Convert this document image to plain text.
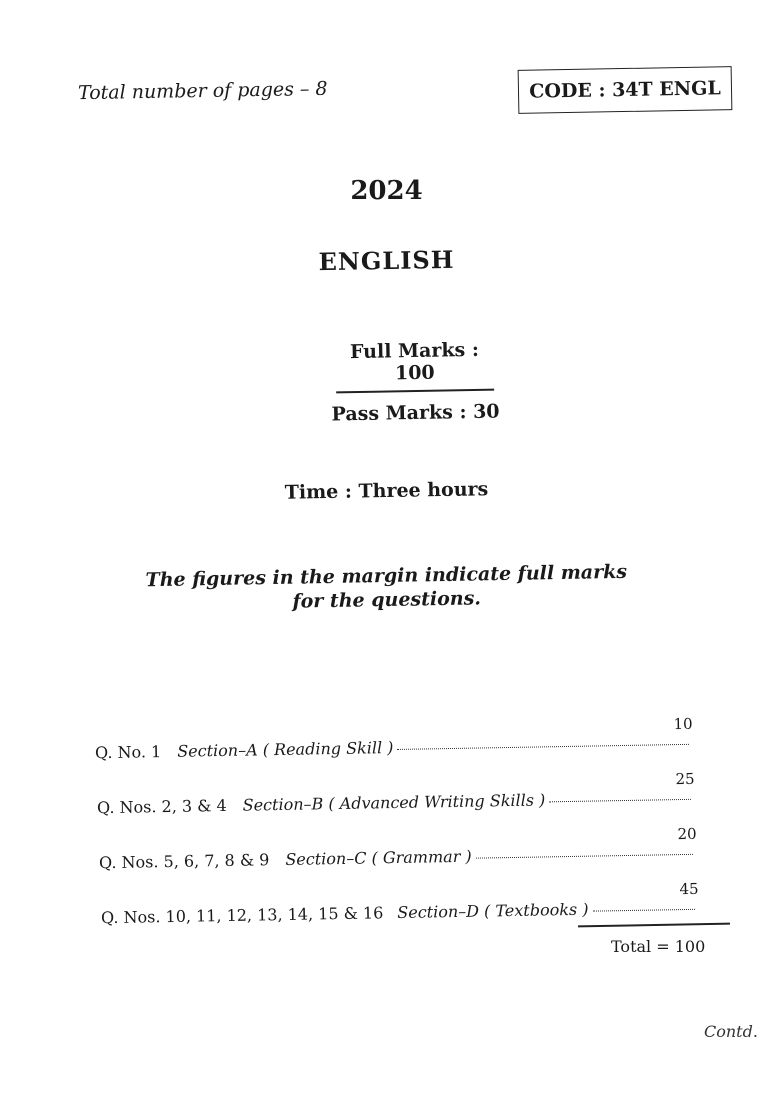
Total number of pages – 8	CODE : 34T ENGL
2024
ENGLISH
Full Marks : 100
Pass Marks : 30
Time : Three hours
The figures in the margin indicate full marks
for the questions.
Q. No. 1 Section–A ( Reading Skill )
10
Q. Nos. 2, 3 & 4 Section–B ( Advanced Writing Skills )
25
Q. Nos. 5, 6, 7, 8 & 9 Section–C ( Grammar )
20
Q. Nos. 10, 11, 12, 13, 14, 15 & 16 Section–D ( Textbooks )
45
Total = 100
Contd.
